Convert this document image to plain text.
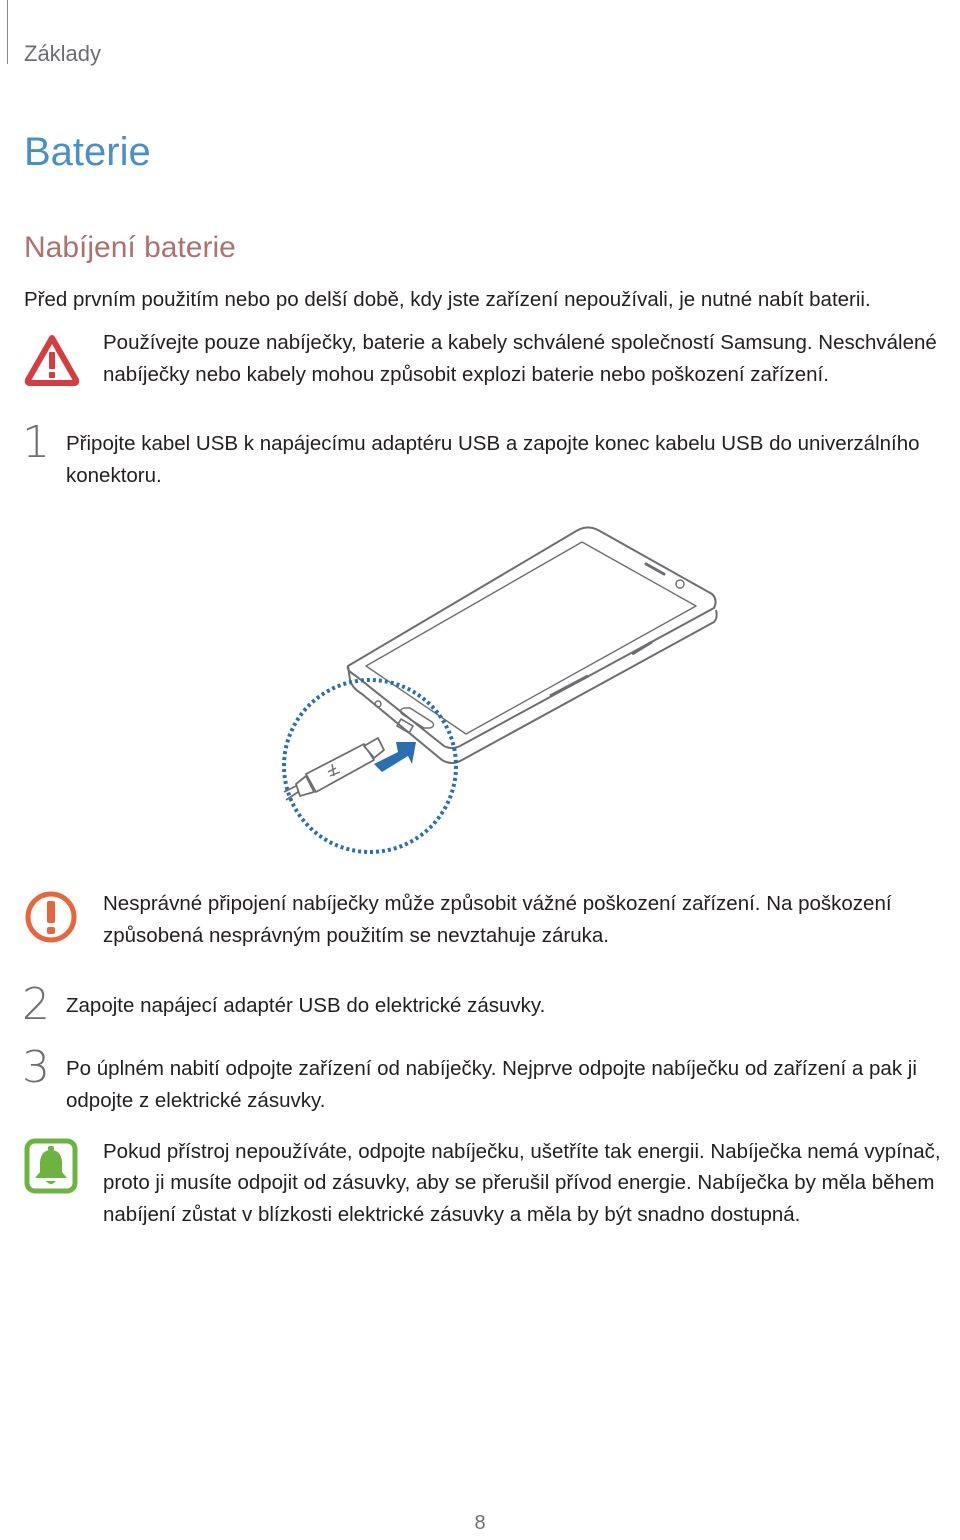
Základy
Baterie
Nabíjení baterie
Před prvním použitím nebo po delší době, kdy jste zařízení nepoužívali, je nutné nabít baterii.
Používejte pouze nabíječky, baterie a kabely schválené společností Samsung. Neschválené
nabíječky nebo kabely mohou způsobit explozi baterie nebo poškození zařízení.
1 Připojte kabel USB k napájecímu adaptéru USB a zapojte konec kabelu USB do univerzálního
konektoru.
Nesprávné připojení nabíječky může způsobit vážné poškození zařízení. Na poškození
způsobená nesprávným použitím se nevztahuje záruka.
2 Zapojte napájecí adaptér USB do elektrické zásuvky.
3 Po úplném nabití odpojte zařízení od nabíječky. Nejprve odpojte nabíječku od zařízení a pak ji
odpojte z elektrické zásuvky.
Pokud přístroj nepoužíváte, odpojte nabíječku, ušetříte tak energii. Nabíječka nemá vypínač,
proto ji musíte odpojit od zásuvky, aby se přerušil přívod energie. Nabíječka by měla během
nabíjení zůstat v blízkosti elektrické zásuvky a měla by být snadno dostupná.
8
